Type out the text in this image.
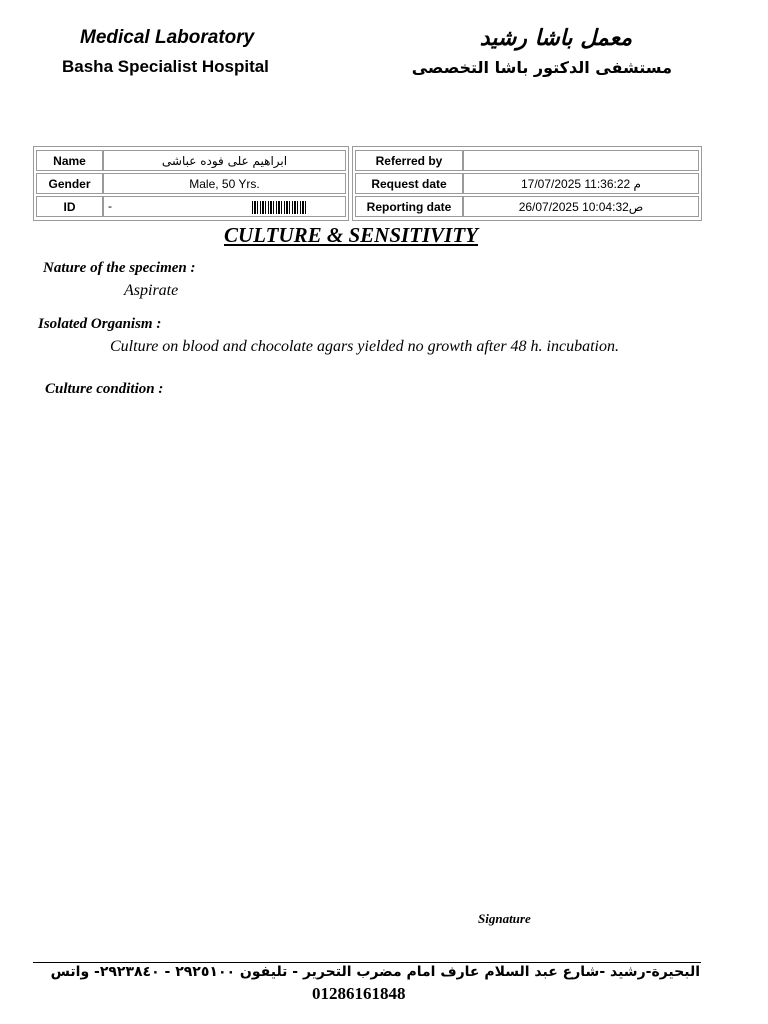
Medical Laboratory
Basha Specialist Hospital
معمل باشا رشيد
مستشفى الدكتور باشا التخصصى
Name	ابراهيم على فوده عباشى
Gender	Male, 50 Yrs.
ID	-
Referred by	
Request date	17/07/2025 11:36:22 م
Reporting date	26/07/2025 10:04:32ص
CULTURE & SENSITIVITY
Nature of the specimen :
Aspirate
Isolated Organism :
Culture on blood and chocolate agars yielded no growth after 48 h. incubation.
Culture condition :
Signature
البحيرة-رشيد -شارع عبد السلام عارف امام مضرب التحرير - تليفون ٢٩٢٥١٠٠ - ٢٩٢٣٨٤٠- واتس
01286161848
